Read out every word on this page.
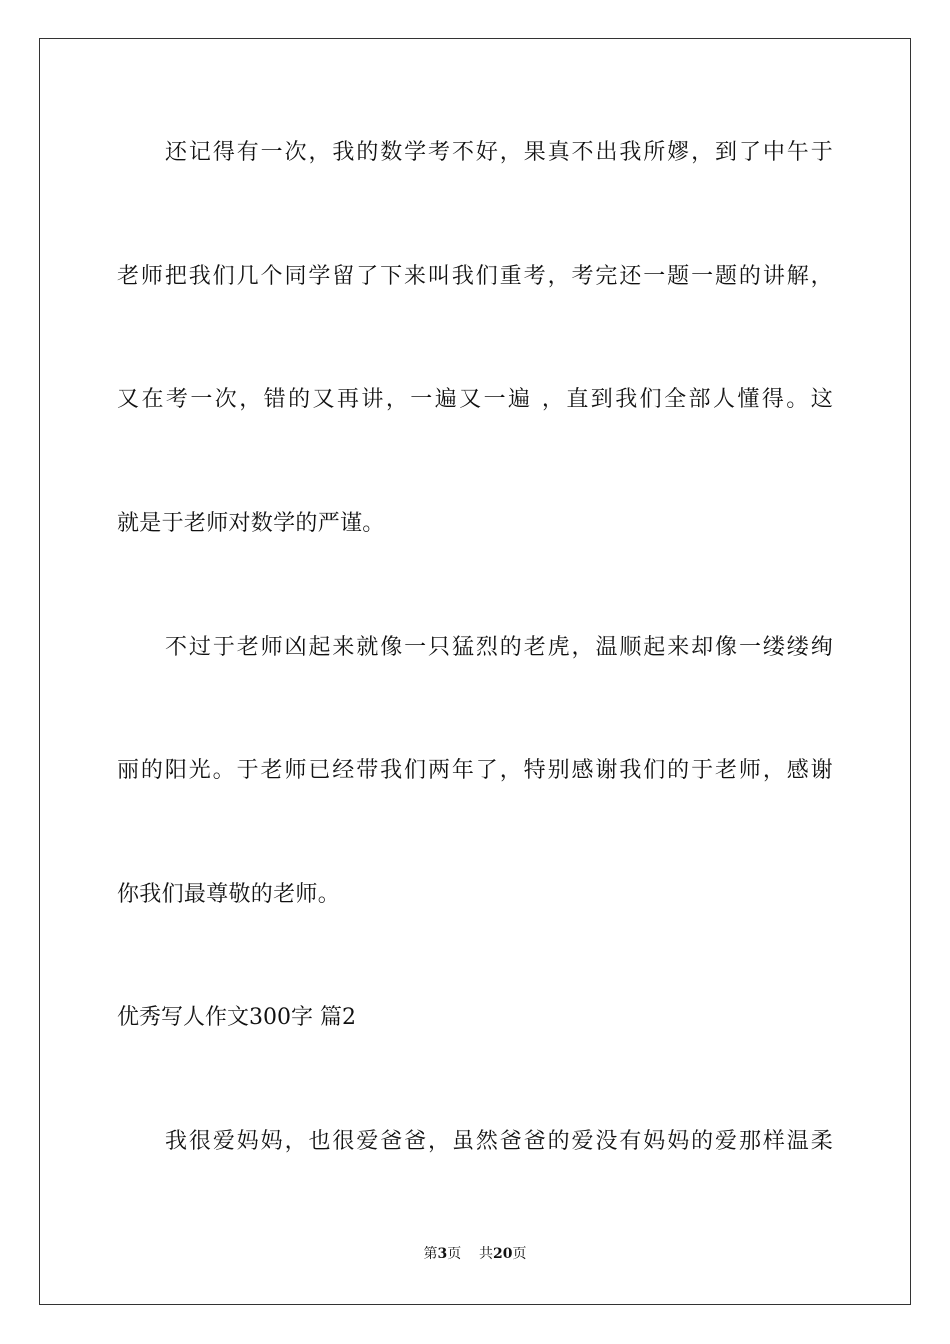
还记得有一次，我的数学考不好，果真不出我所嫪，到了中午于
老师把我们几个同学留了下来叫我们重考，考完还一题一题的讲解，
又在考一次，错的又再讲，一遍又一遍 ，直到我们全部人懂得。这
就是于老师对数学的严谨。
不过于老师凶起来就像一只猛烈的老虎，温顺起来却像一缕缕绚
丽的阳光。于老师已经带我们两年了，特别感谢我们的于老师，感谢
你我们最尊敬的老师。
优秀写人作文300字 篇2
我很爱妈妈，也很爱爸爸，虽然爸爸的爱没有妈妈的爱那样温柔
第3页    共20页
